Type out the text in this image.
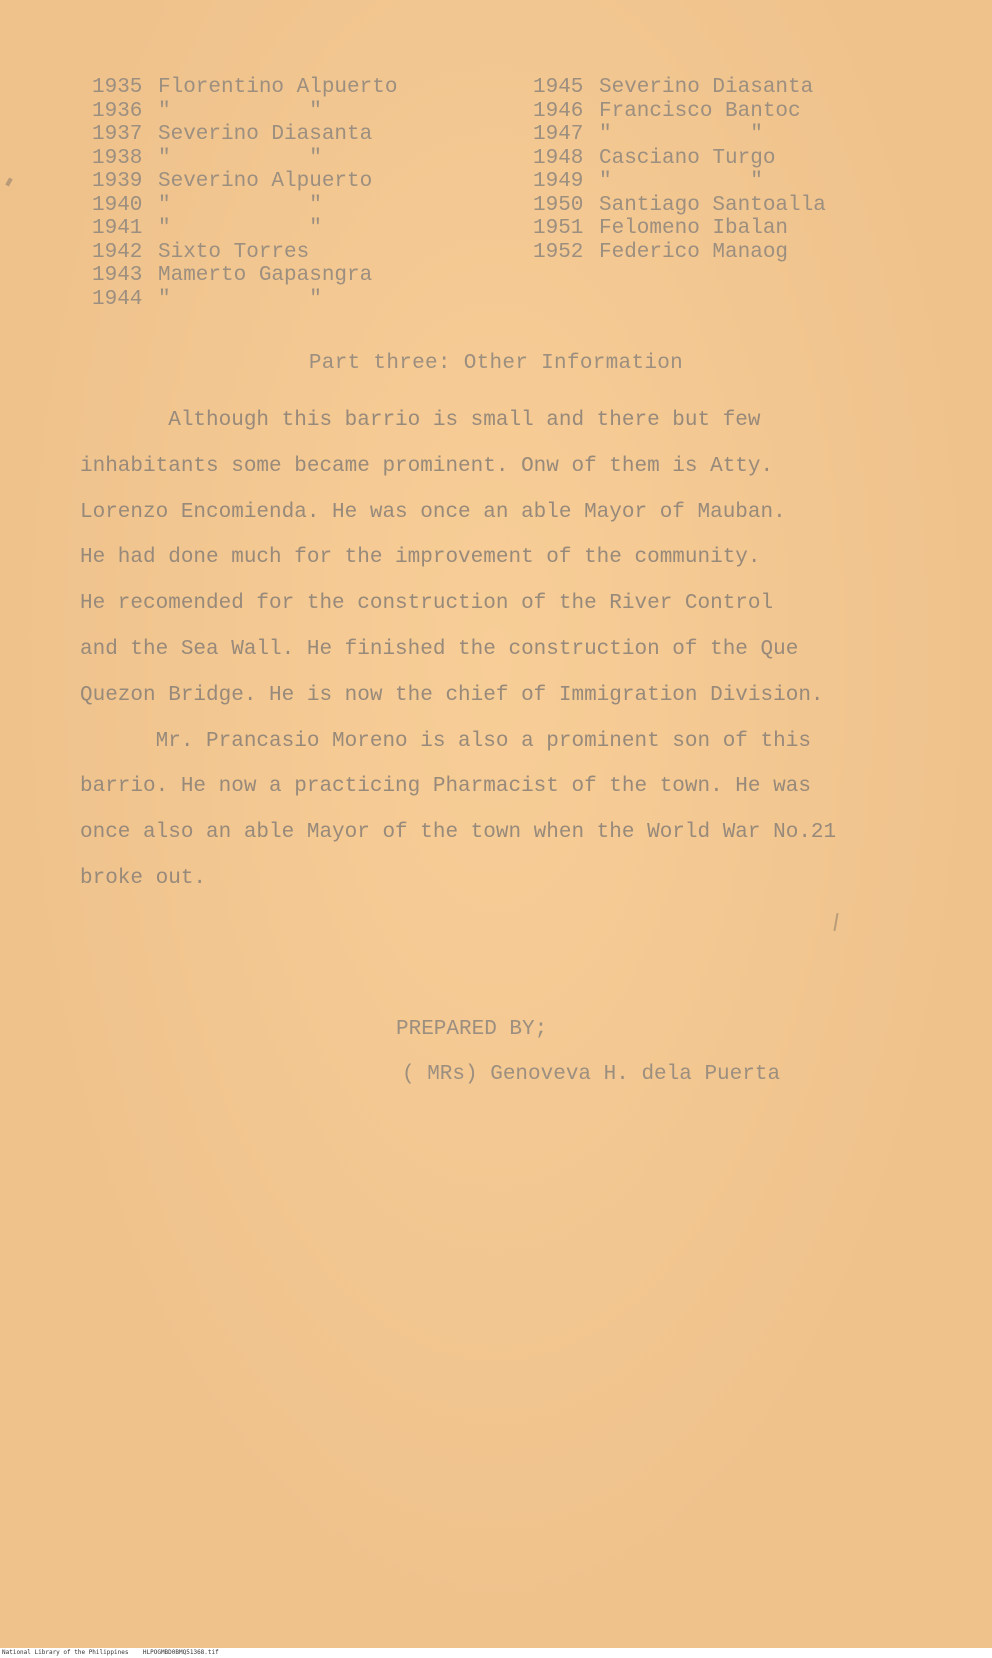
1935 Florentino Alpuerto
1936 "           "
1937 Severino Diasanta
1938 "           "
1939 Severino Alpuerto
1940 "           "
1941 "           "
1942 Sixto Torres
1943 Mamerto Gapasngra
1944 "           "
1945 Severino Diasanta
1946 Francisco Bantoc
1947 "           "
1948 Casciano Turgo
1949 "           "
1950 Santiago Santoalla
1951 Felomeno Ibalan
1952 Federico Manaog
Part three: Other Information

Although this barrio is small and there but few

inhabitants some became prominent. Onw of them is Atty.

Lorenzo Encomienda. He was once an able Mayor of Mauban.

He had done much for the improvement of the community.

He recomended for the construction of the River Control

and the Sea Wall. He finished the construction of the Que

Quezon Bridge. He is now the chief of Immigration Division.

Mr. Prancasio Moreno is also a prominent son of this

barrio. He now a practicing Pharmacist of the town. He was

once also an able Mayor of the town when the World War No.21

broke out.

PREPARED BY;
( MRs) Genoveva H. dela Puerta
National Library of the Philippines    HLPOGMBD0BMQ51368.tif
